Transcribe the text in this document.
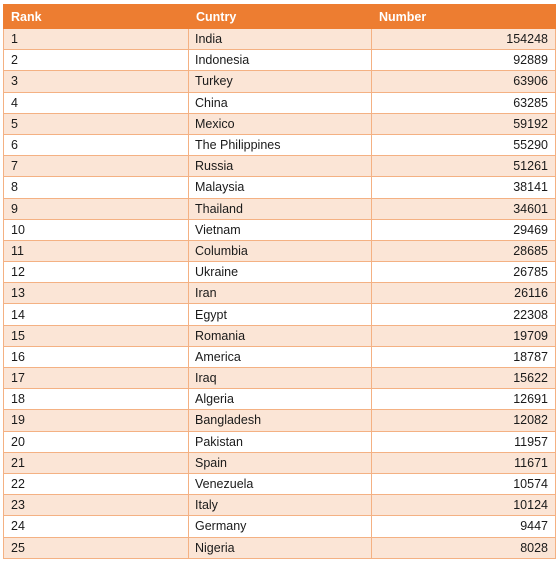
Rank	Cuntry	Number
1	India	154248
2	Indonesia	92889
3	Turkey	63906
4	China	63285
5	Mexico	59192
6	The Philippines	55290
7	Russia	51261
8	Malaysia	38141
9	Thailand	34601
10	Vietnam	29469
11	Columbia	28685
12	Ukraine	26785
13	Iran	26116
14	Egypt	22308
15	Romania	19709
16	America	18787
17	Iraq	15622
18	Algeria	12691
19	Bangladesh	12082
20	Pakistan	11957
21	Spain	11671
22	Venezuela	10574
23	Italy	10124
24	Germany	9447
25	Nigeria	8028
